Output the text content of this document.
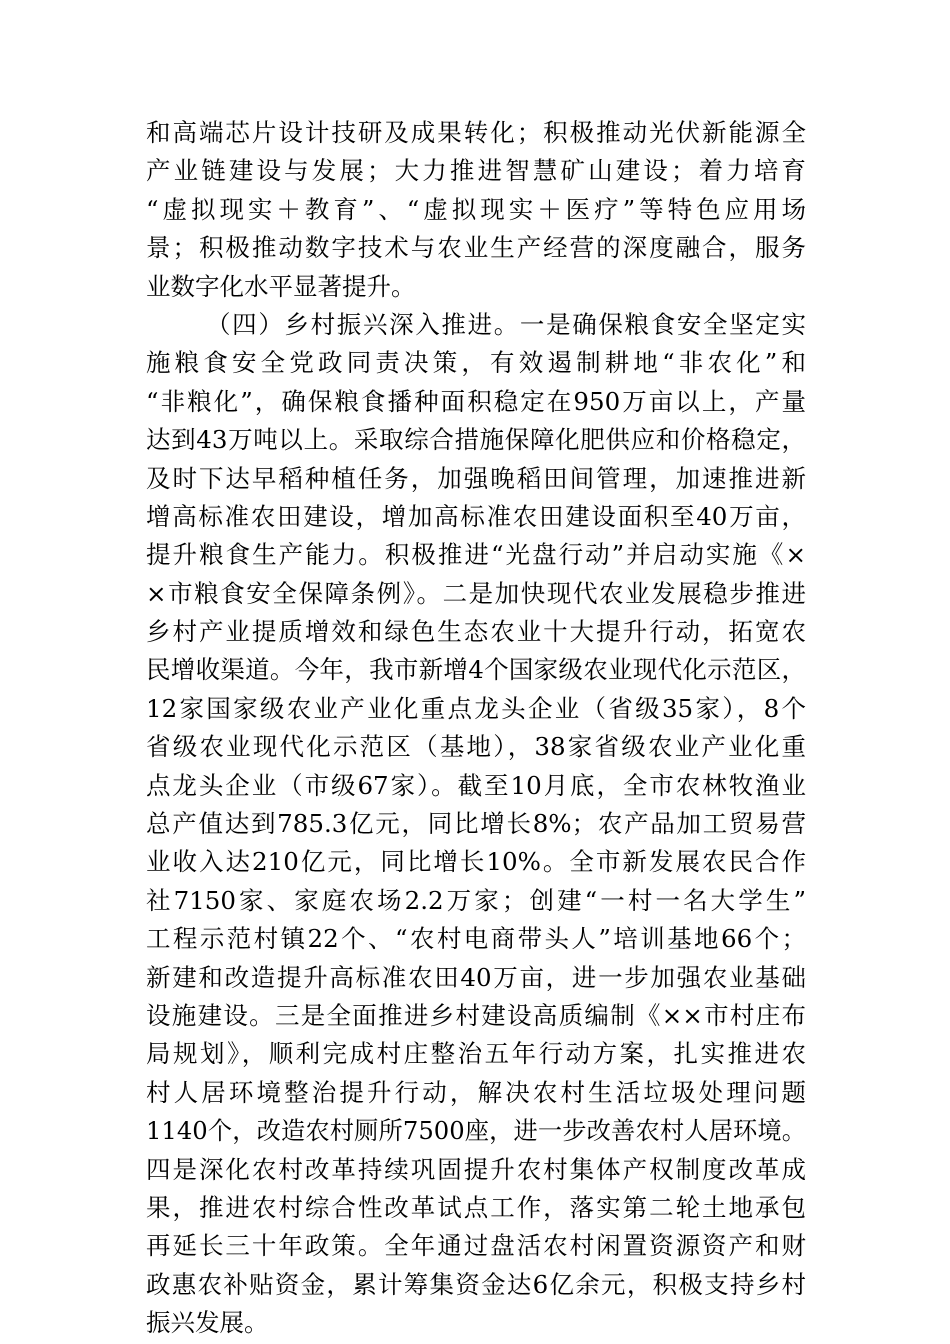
和高端芯片设计技研及成果转化；积极推动光伏新能源全
产业链建设与发展；大力推进智慧矿山建设；着力培育
“虚拟现实＋教育”、“虚拟现实＋医疗”等特色应用场
景；积极推动数字技术与农业生产经营的深度融合，服务
业数字化水平显著提升。
（四）乡村振兴深入推进。一是确保粮食安全坚定实
施粮食安全党政同责决策，有效遏制耕地“非农化”和
“非粮化”，确保粮食播种面积稳定在950万亩以上，产量
达到43万吨以上。采取综合措施保障化肥供应和价格稳定，
及时下达早稻种植任务，加强晚稻田间管理，加速推进新
增高标准农田建设，增加高标准农田建设面积至40万亩，
提升粮食生产能力。积极推进“光盘行动”并启动实施《×
×市粮食安全保障条例》。二是加快现代农业发展稳步推进
乡村产业提质增效和绿色生态农业十大提升行动，拓宽农
民增收渠道。今年，我市新增4个国家级农业现代化示范区，
12家国家级农业产业化重点龙头企业（省级35家），8个
省级农业现代化示范区（基地），38家省级农业产业化重
点龙头企业（市级67家）。截至10月底，全市农林牧渔业
总产值达到785.3亿元，同比增长8%；农产品加工贸易营
业收入达210亿元，同比增长10%。全市新发展农民合作
社7150家、家庭农场2.2万家；创建“一村一名大学生”
工程示范村镇22个、“农村电商带头人”培训基地66个；
新建和改造提升高标准农田40万亩，进一步加强农业基础
设施建设。三是全面推进乡村建设高质编制《××市村庄布
局规划》，顺利完成村庄整治五年行动方案，扎实推进农
村人居环境整治提升行动，解决农村生活垃圾处理问题
1140个，改造农村厕所7500座，进一步改善农村人居环境。
四是深化农村改革持续巩固提升农村集体产权制度改革成
果，推进农村综合性改革试点工作，落实第二轮土地承包
再延长三十年政策。全年通过盘活农村闲置资源资产和财
政惠农补贴资金，累计筹集资金达6亿余元，积极支持乡村
振兴发展。
